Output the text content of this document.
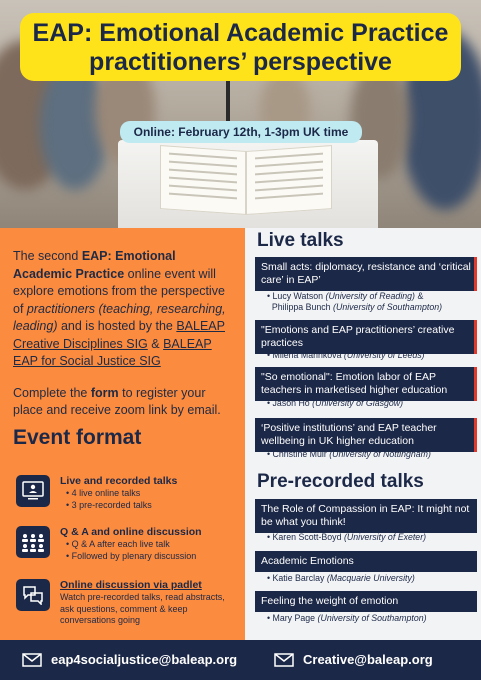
EAP: Emotional Academic Practice
practitioners’ perspective
Online: February 12th, 1-3pm UK time
The second EAP: Emotional Academic Practice online event will explore emotions from the perspective of practitioners (teaching, researching, leading) and is hosted by the BALEAP Creative Disciplines SIG & BALEAP EAP for Social Justice SIG
Complete the form to register your place and receive zoom link by email.
Event format
Live and recorded talks
• 4 live online talks
• 3 pre-recorded talks
Q & A and online discussion
• Q & A after each live talk
• Followed by plenary discussion
Online discussion via padlet
Watch pre-recorded talks, read abstracts, ask questions, comment & keep conversations going
Live talks
Small acts: diplomacy, resistance and ‘critical care’ in EAP’
• Lucy Watson (University of Reading) &
Philippa Bunch (University of Southampton)
"Emotions and EAP practitioners’ creative practices
• Milena Marinkova (University of Leeds)
"So emotional": Emotion labor of EAP teachers in marketised higher education
• Jason Ho (University of Glasgow)
‘Positive institutions’ and EAP teacher wellbeing in UK higher education
• Christine Muir (University of Nottingham)
Pre-recorded talks
The Role of Compassion in EAP: It might not be what you think!
• Karen Scott-Boyd (University of Exeter)
Academic Emotions
• Katie Barclay (Macquarie University)
Feeling the weight of emotion
• Mary Page (University of Southampton)
eap4socialjustice@baleap.org	Creative@baleap.org
